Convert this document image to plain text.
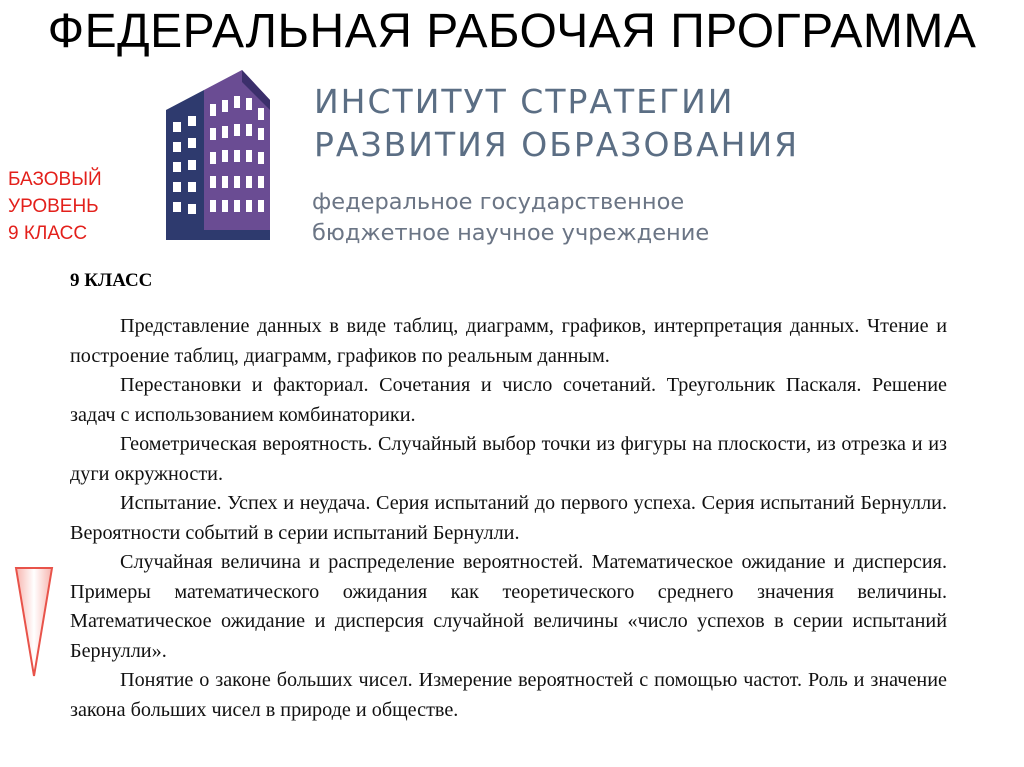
ФЕДЕРАЛЬНАЯ РАБОЧАЯ ПРОГРАММА
ИНСТИТУТ СТРАТЕГИИ
РАЗВИТИЯ ОБРАЗОВАНИЯ
федеральное государственное
бюджетное научное учреждение
БАЗОВЫЙ
УРОВЕНЬ
9 КЛАСС
9 КЛАСС

Представление данных в виде таблиц, диаграмм, графиков, интерпретация данных. Чтение и построение таблиц, диаграмм, графиков по реальным данным.

Перестановки и факториал. Сочетания и число сочетаний. Треугольник Паскаля. Решение задач с использованием комбинаторики.

Геометрическая вероятность. Случайный выбор точки из фигуры на плоскости, из отрезка и из дуги окружности.

Испытание. Успех и неудача. Серия испытаний до первого успеха. Серия испытаний Бернулли. Вероятности событий в серии испытаний Бернулли.

Случайная величина и распределение вероятностей. Математическое ожидание и дисперсия. Примеры математического ожидания как теоретического среднего значения величины. Математическое ожидание и дисперсия случайной величины «число успехов в серии испытаний Бернулли».

Понятие о законе больших чисел. Измерение вероятностей с помощью частот. Роль и значение закона больших чисел в природе и обществе.
